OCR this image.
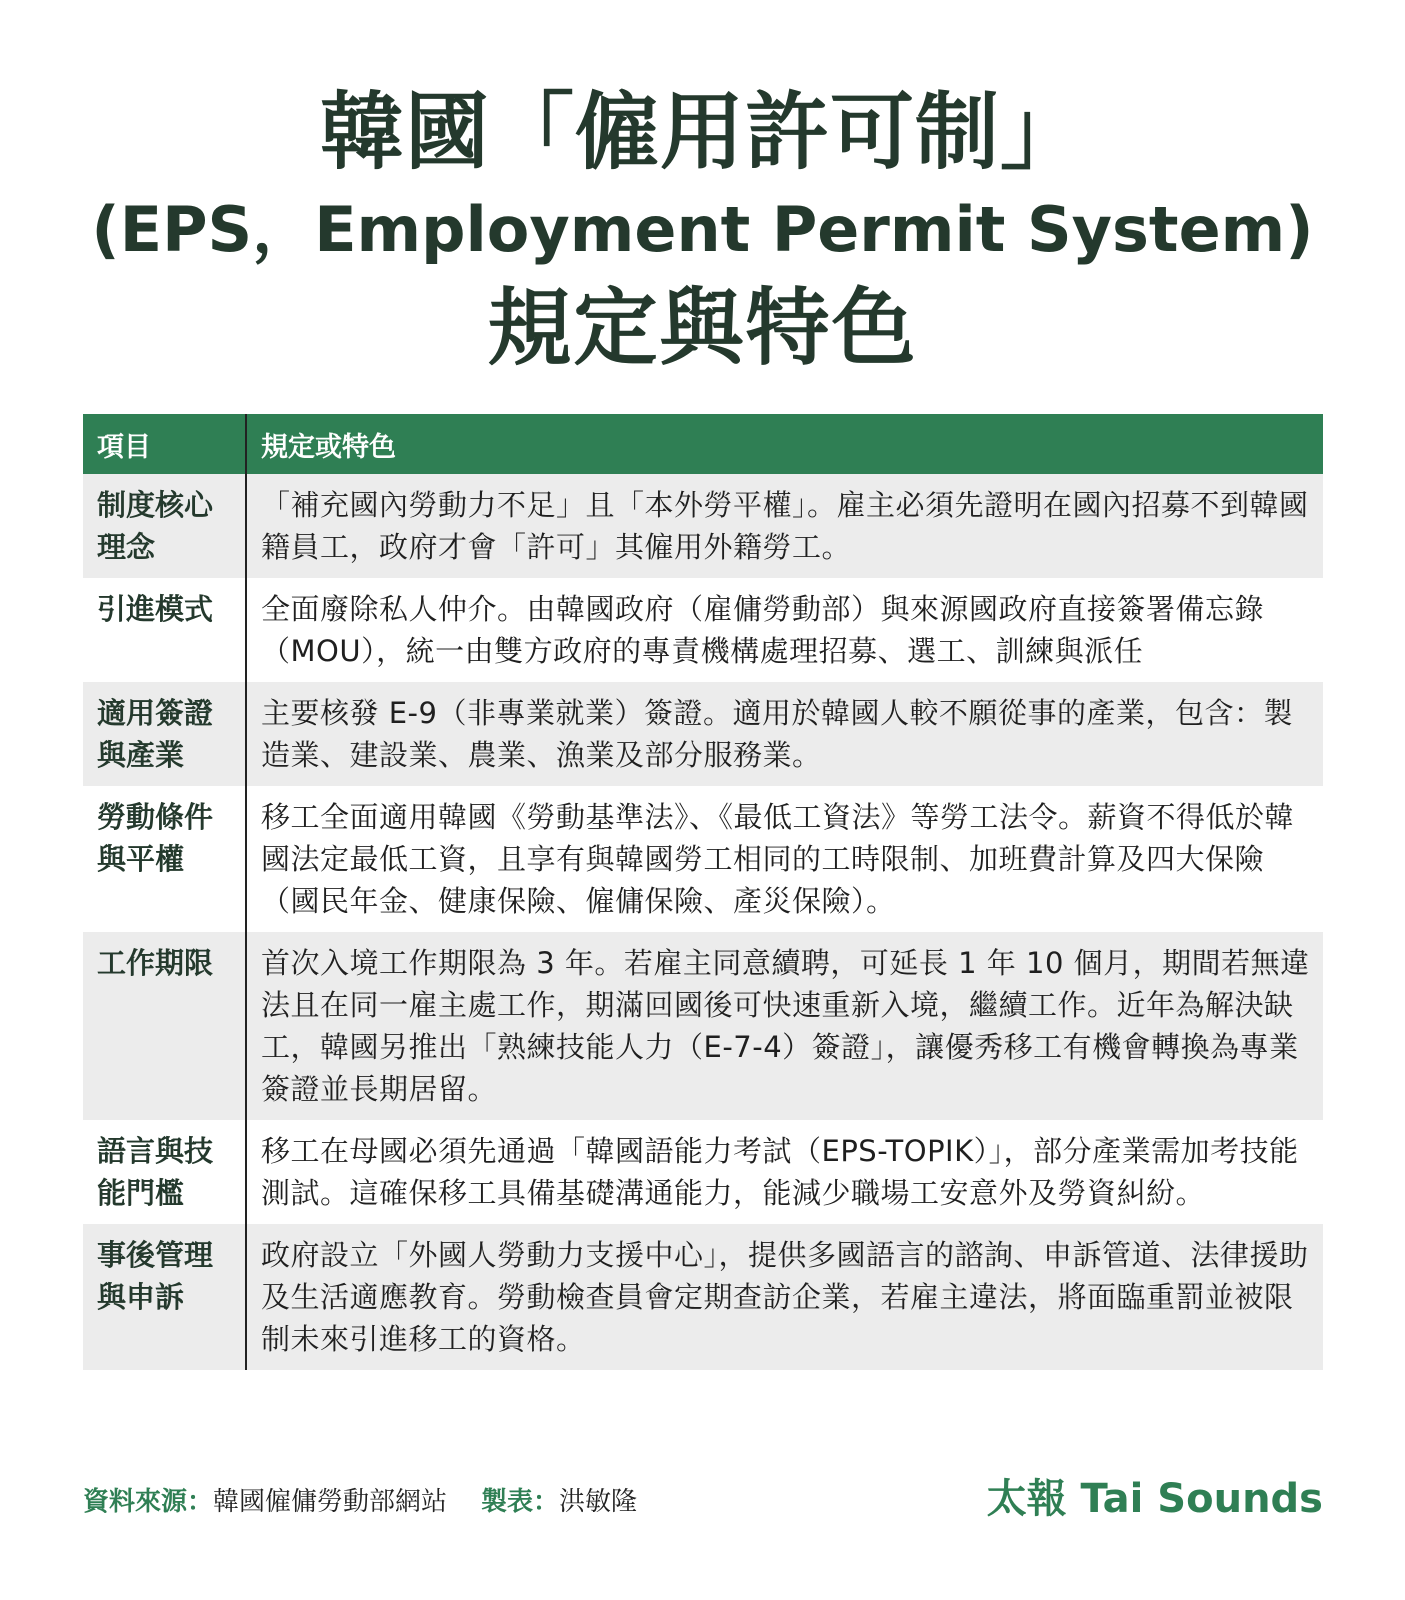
韓國「僱用許可制」
(EPS，Employment Permit System)
規定與特色
項目	規定或特色
制度核心理念	「補充國內勞動力不足」且「本外勞平權」。雇主必須先證明在國內招募不到韓國籍員工，政府才會「許可」其僱用外籍勞工。
引進模式	全面廢除私人仲介。由韓國政府（雇傭勞動部）與來源國政府直接簽署備忘錄（MOU），統一由雙方政府的專責機構處理招募、選工、訓練與派任
適用簽證與產業	主要核發 E-9（非專業就業）簽證。適用於韓國人較不願從事的產業，包含：製造業、建設業、農業、漁業及部分服務業。
勞動條件與平權	移工全面適用韓國《勞動基準法》、《最低工資法》等勞工法令。薪資不得低於韓國法定最低工資，且享有與韓國勞工相同的工時限制、加班費計算及四大保險（國民年金、健康保險、僱傭保險、產災保險）。
工作期限	首次入境工作期限為 3 年。若雇主同意續聘，可延長 1 年 10 個月，期間若無違法且在同一雇主處工作，期滿回國後可快速重新入境，繼續工作。近年為解決缺工，韓國另推出「熟練技能人力（E-7-4）簽證」，讓優秀移工有機會轉換為專業簽證並長期居留。
語言與技能門檻	移工在母國必須先通過「韓國語能力考試（EPS-TOPIK）」，部分產業需加考技能測試。這確保移工具備基礎溝通能力，能減少職場工安意外及勞資糾紛。
事後管理與申訴	政府設立「外國人勞動力支援中心」，提供多國語言的諮詢、申訴管道、法律援助及生活適應教育。勞動檢查員會定期查訪企業，若雇主違法，將面臨重罰並被限制未來引進移工的資格。
資料來源：韓國僱傭勞動部網站 製表：洪敏隆	太報 Tai Sounds
